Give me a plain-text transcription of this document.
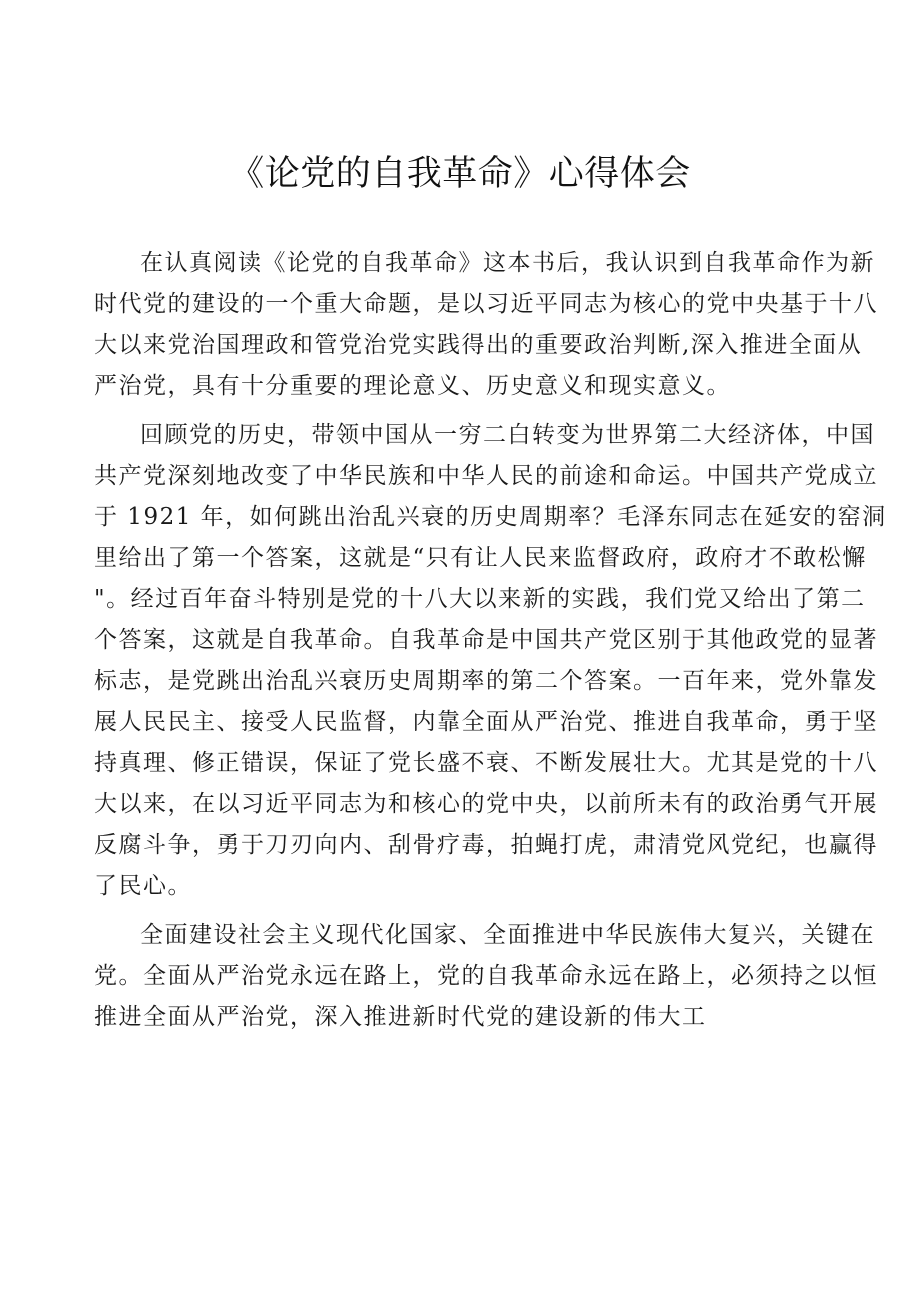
《论党的自我革命》心得体会

在认真阅读《论党的自我革命》这本书后，我认识到自我革命作为新
时代党的建设的一个重大命题，是以习近平同志为核心的党中央基于十八
大以来党治国理政和管党治党实践得出的重要政治判断,深入推进全面从
严治党，具有十分重要的理论意义、历史意义和现实意义。

回顾党的历史，带领中国从一穷二白转变为世界第二大经济体，中国
共产党深刻地改变了中华民族和中华人民的前途和命运。中国共产党成立
于 1921 年，如何跳出治乱兴衰的历史周期率？毛泽东同志在延安的窑洞
里给出了第一个答案，这就是“只有让人民来监督政府，政府才不敢松懈
"。经过百年奋斗特别是党的十八大以来新的实践，我们党又给出了第二
个答案，这就是自我革命。自我革命是中国共产党区别于其他政党的显著
标志，是党跳出治乱兴衰历史周期率的第二个答案。一百年来，党外靠发
展人民民主、接受人民监督，内靠全面从严治党、推进自我革命，勇于坚
持真理、修正错误，保证了党长盛不衰、不断发展壮大。尤其是党的十八
大以来，在以习近平同志为和核心的党中央，以前所未有的政治勇气开展
反腐斗争，勇于刀刃向内、刮骨疗毒，拍蝇打虎，肃清党风党纪，也赢得
了民心。

全面建设社会主义现代化国家、全面推进中华民族伟大复兴，关键在
党。全面从严治党永远在路上，党的自我革命永远在路上，必须持之以恒
推进全面从严治党，深入推进新时代党的建设新的伟大工
